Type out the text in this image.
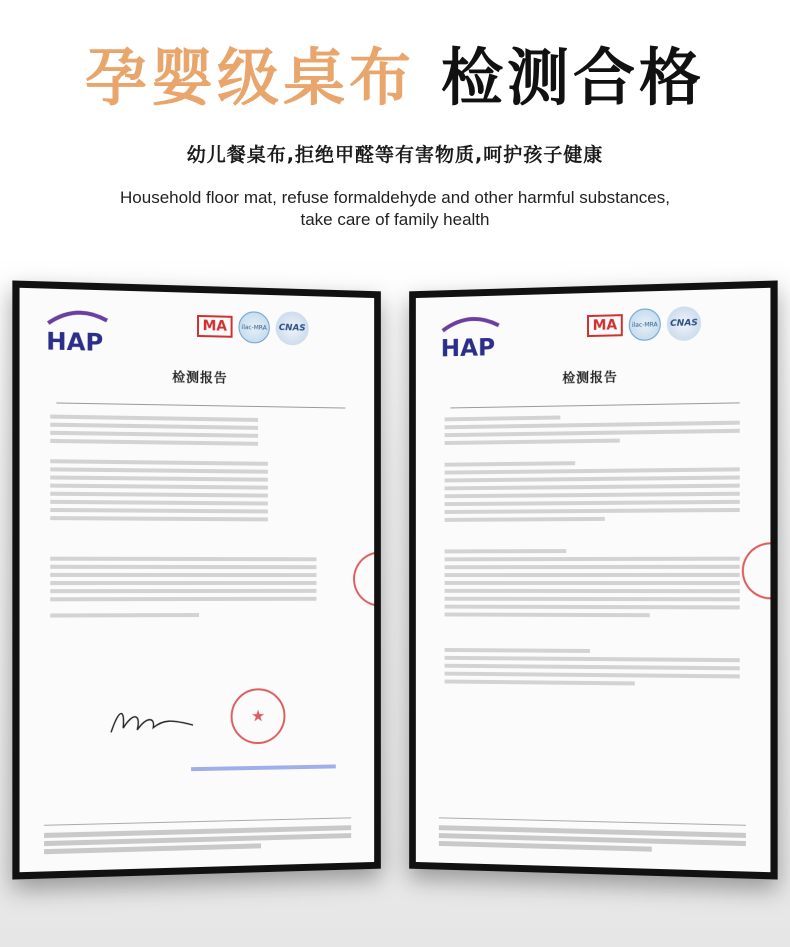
孕婴级桌布 检测合格
幼儿餐桌布,拒绝甲醛等有害物质,呵护孩子健康
Household floor mat, refuse formaldehyde and other harmful substances,
take care of family health
HAP
MA	ilac-MRA	CNAS
检测报告
★
HAP
MA	ilac-MRA	CNAS
检测报告
